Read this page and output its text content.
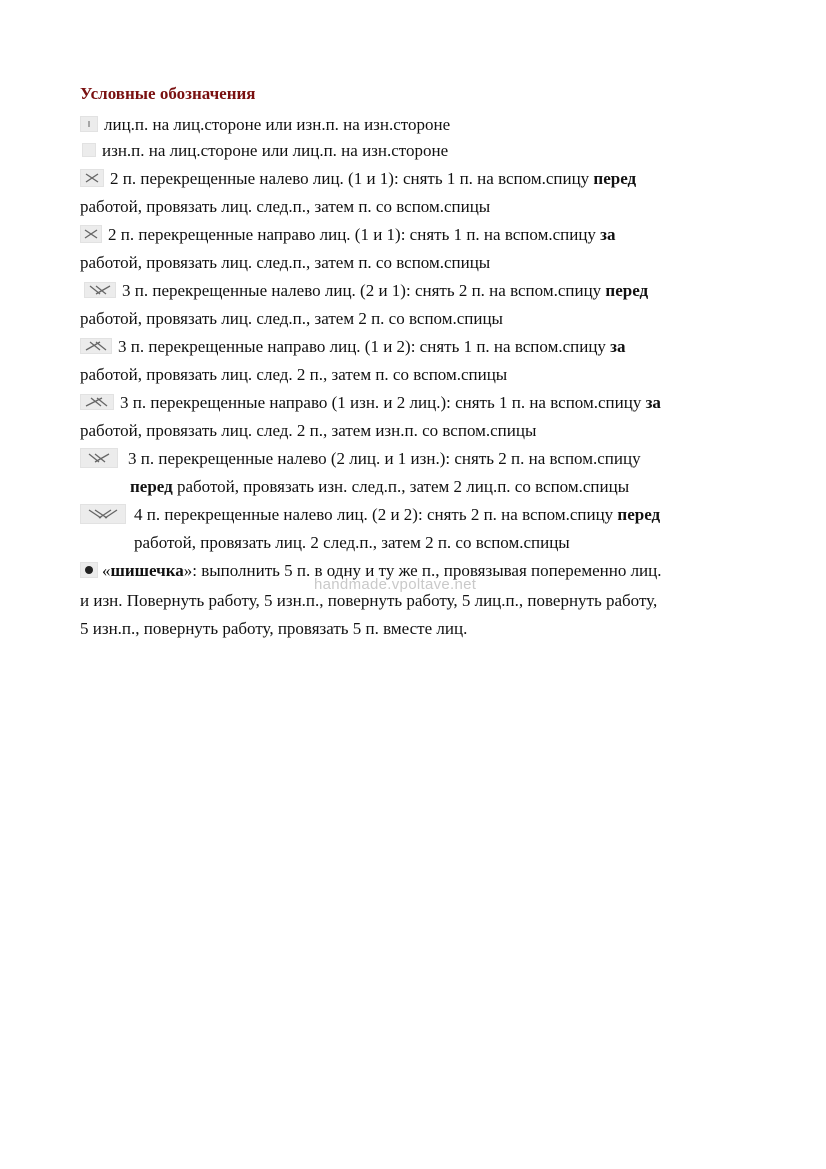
Условные обозначения
лиц.п. на лиц.стороне или изн.п. на изн.стороне
изн.п. на лиц.стороне или лиц.п. на изн.стороне
2 п. перекрещенные налево лиц. (1 и 1): снять 1 п. на вспом.спицу перед
работой, провязать лиц. след.п., затем п. со вспом.спицы
2 п. перекрещенные направо лиц. (1 и 1): снять 1 п. на вспом.спицу за
работой, провязать лиц. след.п., затем п. со вспом.спицы
3 п. перекрещенные налево лиц. (2 и 1): снять 2 п. на вспом.спицу перед
работой, провязать лиц. след.п., затем 2 п. со вспом.спицы
3 п. перекрещенные направо лиц. (1 и 2): снять 1 п. на вспом.спицу за
работой, провязать лиц. след. 2 п., затем п. со вспом.спицы
3 п. перекрещенные направо (1 изн. и 2 лиц.): снять 1 п. на вспом.спицу за
работой, провязать лиц. след. 2 п., затем изн.п. со вспом.спицы
3 п. перекрещенные налево (2 лиц. и 1 изн.): снять 2 п. на вспом.спицу
перед работой, провязать изн. след.п., затем 2 лиц.п. со вспом.спицы
4 п. перекрещенные налево лиц. (2 и 2): снять 2 п. на вспом.спицу перед
работой, провязать лиц. 2 след.п., затем 2 п. со вспом.спицы
«шишечка»: выполнить 5 п. в одну и ту же п., провязывая попеременно лиц.
и изн. Повернуть работу, 5 изн.п., повернуть работу, 5 лиц.п., повернуть работу,
5 изн.п., повернуть работу, провязать 5 п. вместе лиц.
handmade.vpoltave.net
